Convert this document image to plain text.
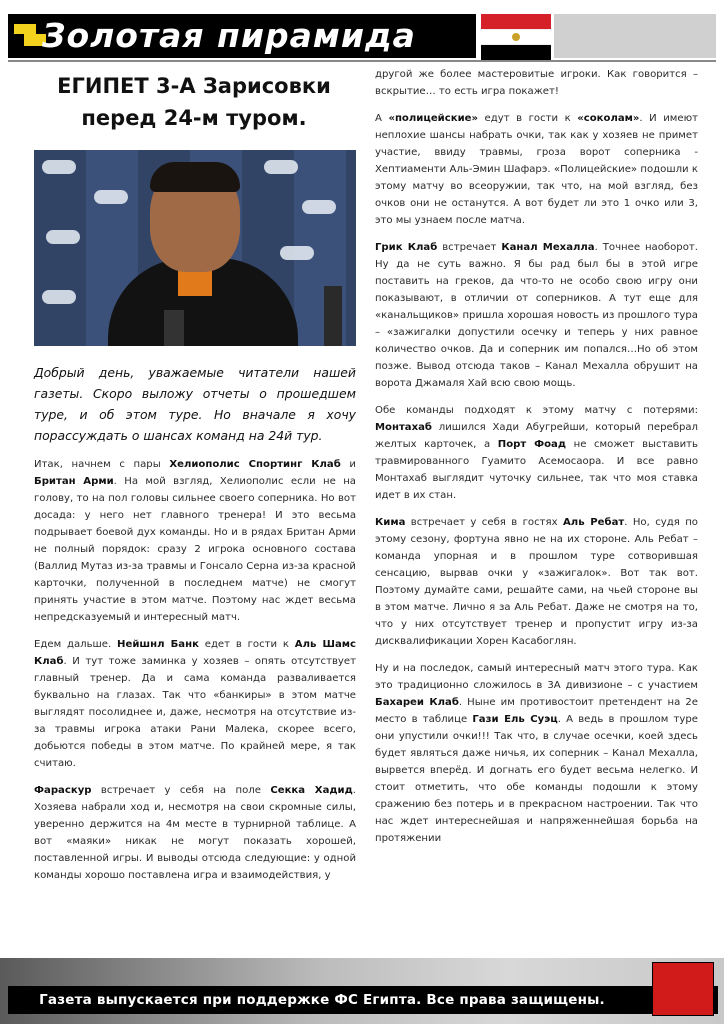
Золотая пирамида
ЕГИПЕТ 3-А Зарисовки перед 24-м туром.
Добрый день, уважаемые читатели нашей газеты. Скоро выложу отчеты о прошедшем туре, и об этом туре. Но вначале я хочу порассуждать о шансах команд на 24й тур.

Итак, начнем с пары Хелиополис Спортинг Клаб и Британ Арми. На мой взгляд, Хелиополис если не на голову, то на пол головы сильнее своего соперника. Но вот досада: у него нет главного тренера! И это весьма подрывает боевой дух команды. Но и в рядах Британ Арми не полный порядок: сразу 2 игрока основного состава (Валлид Мутаз из-за травмы и Гонсало Серна из-за красной карточки, полученной в последнем матче) не смогут принять участие в этом матче. Поэтому нас ждет весьма непредсказуемый и интересный матч.

Едем дальше. Нейшнл Банк едет в гости к Аль Шамс Клаб. И тут тоже заминка у хозяев – опять отсутствует главный тренер. Да и сама команда разваливается буквально на глазах. Так что «банкиры» в этом матче выглядят посолиднее и, даже, несмотря на отсутствие из-за травмы игрока атаки Рани Малека, скорее всего, добьются победы в этом матче. По крайней мере, я так считаю.

Фараскур встречает у себя на поле Секка Хадид. Хозяева набрали ход и, несмотря на свои скромные силы, уверенно держится на 4м месте в турнирной таблице. А вот «маяки» никак не могут показать хорошей, поставленной игры. И выводы отсюда следующие: у одной команды хорошо поставлена игра и взаимодействия, у

другой же более мастеровитые игроки. Как говорится – вскрытие… то есть игра покажет!

А «полицейские» едут в гости к «соколам». И имеют неплохие шансы набрать очки, так как у хозяев не примет участие, ввиду травмы, гроза ворот соперника - Хептиаменти Аль-Эмин Шафарэ. «Полицейские» подошли к этому матчу во всеоружии, так что, на мой взгляд, без очков они не останутся. А вот будет ли это 1 очко или 3, это мы узнаем после матча.

Грик Клаб встречает Канал Мехалла. Точнее наоборот. Ну да не суть важно. Я бы рад был бы в этой игре поставить на греков, да что-то не особо свою игру они показывают, в отличии от соперников. А тут еще для «канальщиков» пришла хорошая новость из прошлого тура – «зажигалки допустили осечку и теперь у них равное количество очков. Да и соперник им попался…Но об этом позже. Вывод отсюда таков – Канал Мехалла обрушит на ворота Джамаля Хай всю свою мощь.

Обе команды подходят к этому матчу с потерями: Монтахаб лишился Хади Абугрейши, который перебрал желтых карточек, а Порт Фоад не сможет выставить травмированного Гуамито Асемосаора. И все равно Монтахаб выглядит чуточку сильнее, так что моя ставка идет в их стан.

Кима встречает у себя в гостях Аль Ребат. Но, судя по этому сезону, фортуна явно не на их стороне. Аль Ребат – команда упорная и в прошлом туре сотворившая сенсацию, вырвав очки у «зажигалок». Вот так вот. Поэтому думайте сами, решайте сами, на чьей стороне вы в этом матче. Лично я за Аль Ребат. Даже не смотря на то, что у них отсутствует тренер и пропустит игру из-за дисквалификации Хорен Касабоглян.

Ну и на последок, самый интересный матч этого тура. Как это традиционно сложилось в 3А дивизионе – с участием Бахареи Клаб. Ныне им противостоит претендент на 2е место в таблице Гази Ель Суэц. А ведь в прошлом туре они упустили очки!!! Так что, в случае осечки, коей здесь будет являться даже ничья, их соперник – Канал Мехалла, вырвется вперёд. И догнать его будет весьма нелегко. И стоит отметить, что обе команды подошли к этому сражению без потерь и в прекрасном настроении. Так что нас ждет интереснейшая и напряженнейшая борьба на протяжении

Газета выпускается при поддержке ФС Египта. Все права защищены.
